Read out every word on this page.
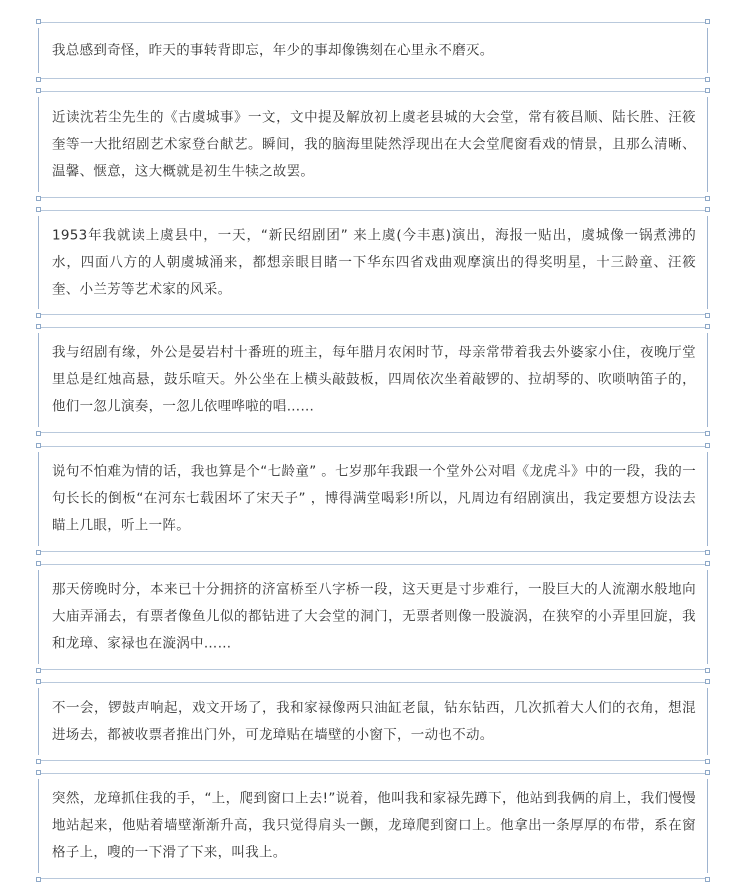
我总感到奇怪，昨天的事转背即忘，年少的事却像镌刻在心里永不磨灭。

近读沈若尘先生的《古虞城事》一文，文中提及解放初上虞老县城的大会堂，常有筱昌顺、陆长胜、汪筱奎等一大批绍剧艺术家登台献艺。瞬间，我的脑海里陡然浮现出在大会堂爬窗看戏的情景，且那么清晰、温馨、惬意，这大概就是初生牛犊之故罢。

1953年我就读上虞县中，一天，“新民绍剧团” 来上虞(今丰惠)演出，海报一贴出，虞城像一锅煮沸的水，四面八方的人朝虞城涌来，都想亲眼目睹一下华东四省戏曲观摩演出的得奖明星，十三龄童、汪筱奎、小兰芳等艺术家的风采。

我与绍剧有缘，外公是晏岩村十番班的班主，每年腊月农闲时节，母亲常带着我去外婆家小住，夜晚厅堂里总是红烛高悬，鼓乐喧天。外公坐在上横头敲鼓板，四周依次坐着敲锣的、拉胡琴的、吹唢呐笛子的，他们一忽儿演奏，一忽儿依哩哗啦的唱……

说句不怕难为情的话，我也算是个“七龄童” 。七岁那年我跟一个堂外公对唱《龙虎斗》中的一段，我的一句长长的倒板“在河东七载困坏了宋天子” ，博得满堂喝彩!所以，凡周边有绍剧演出，我定要想方设法去瞄上几眼，听上一阵。

那天傍晚时分，本来已十分拥挤的济富桥至八字桥一段，这天更是寸步难行，一股巨大的人流潮水般地向大庙弄涌去，有票者像鱼儿似的都钻进了大会堂的洞门，无票者则像一股漩涡，在狭窄的小弄里回旋，我和龙璋、家禄也在漩涡中……

不一会，锣鼓声响起，戏文开场了，我和家禄像两只油缸老鼠，钻东钻西，几次抓着大人们的衣角，想混进场去，都被收票者推出门外，可龙璋贴在墙壁的小窗下，一动也不动。

突然，龙璋抓住我的手，“上，爬到窗口上去!”说着，他叫我和家禄先蹲下，他站到我俩的肩上，我们慢慢地站起来，他贴着墙壁渐渐升高，我只觉得肩头一颤，龙璋爬到窗口上。他拿出一条厚厚的布带，系在窗格子上，嗖的一下滑了下来，叫我上。
